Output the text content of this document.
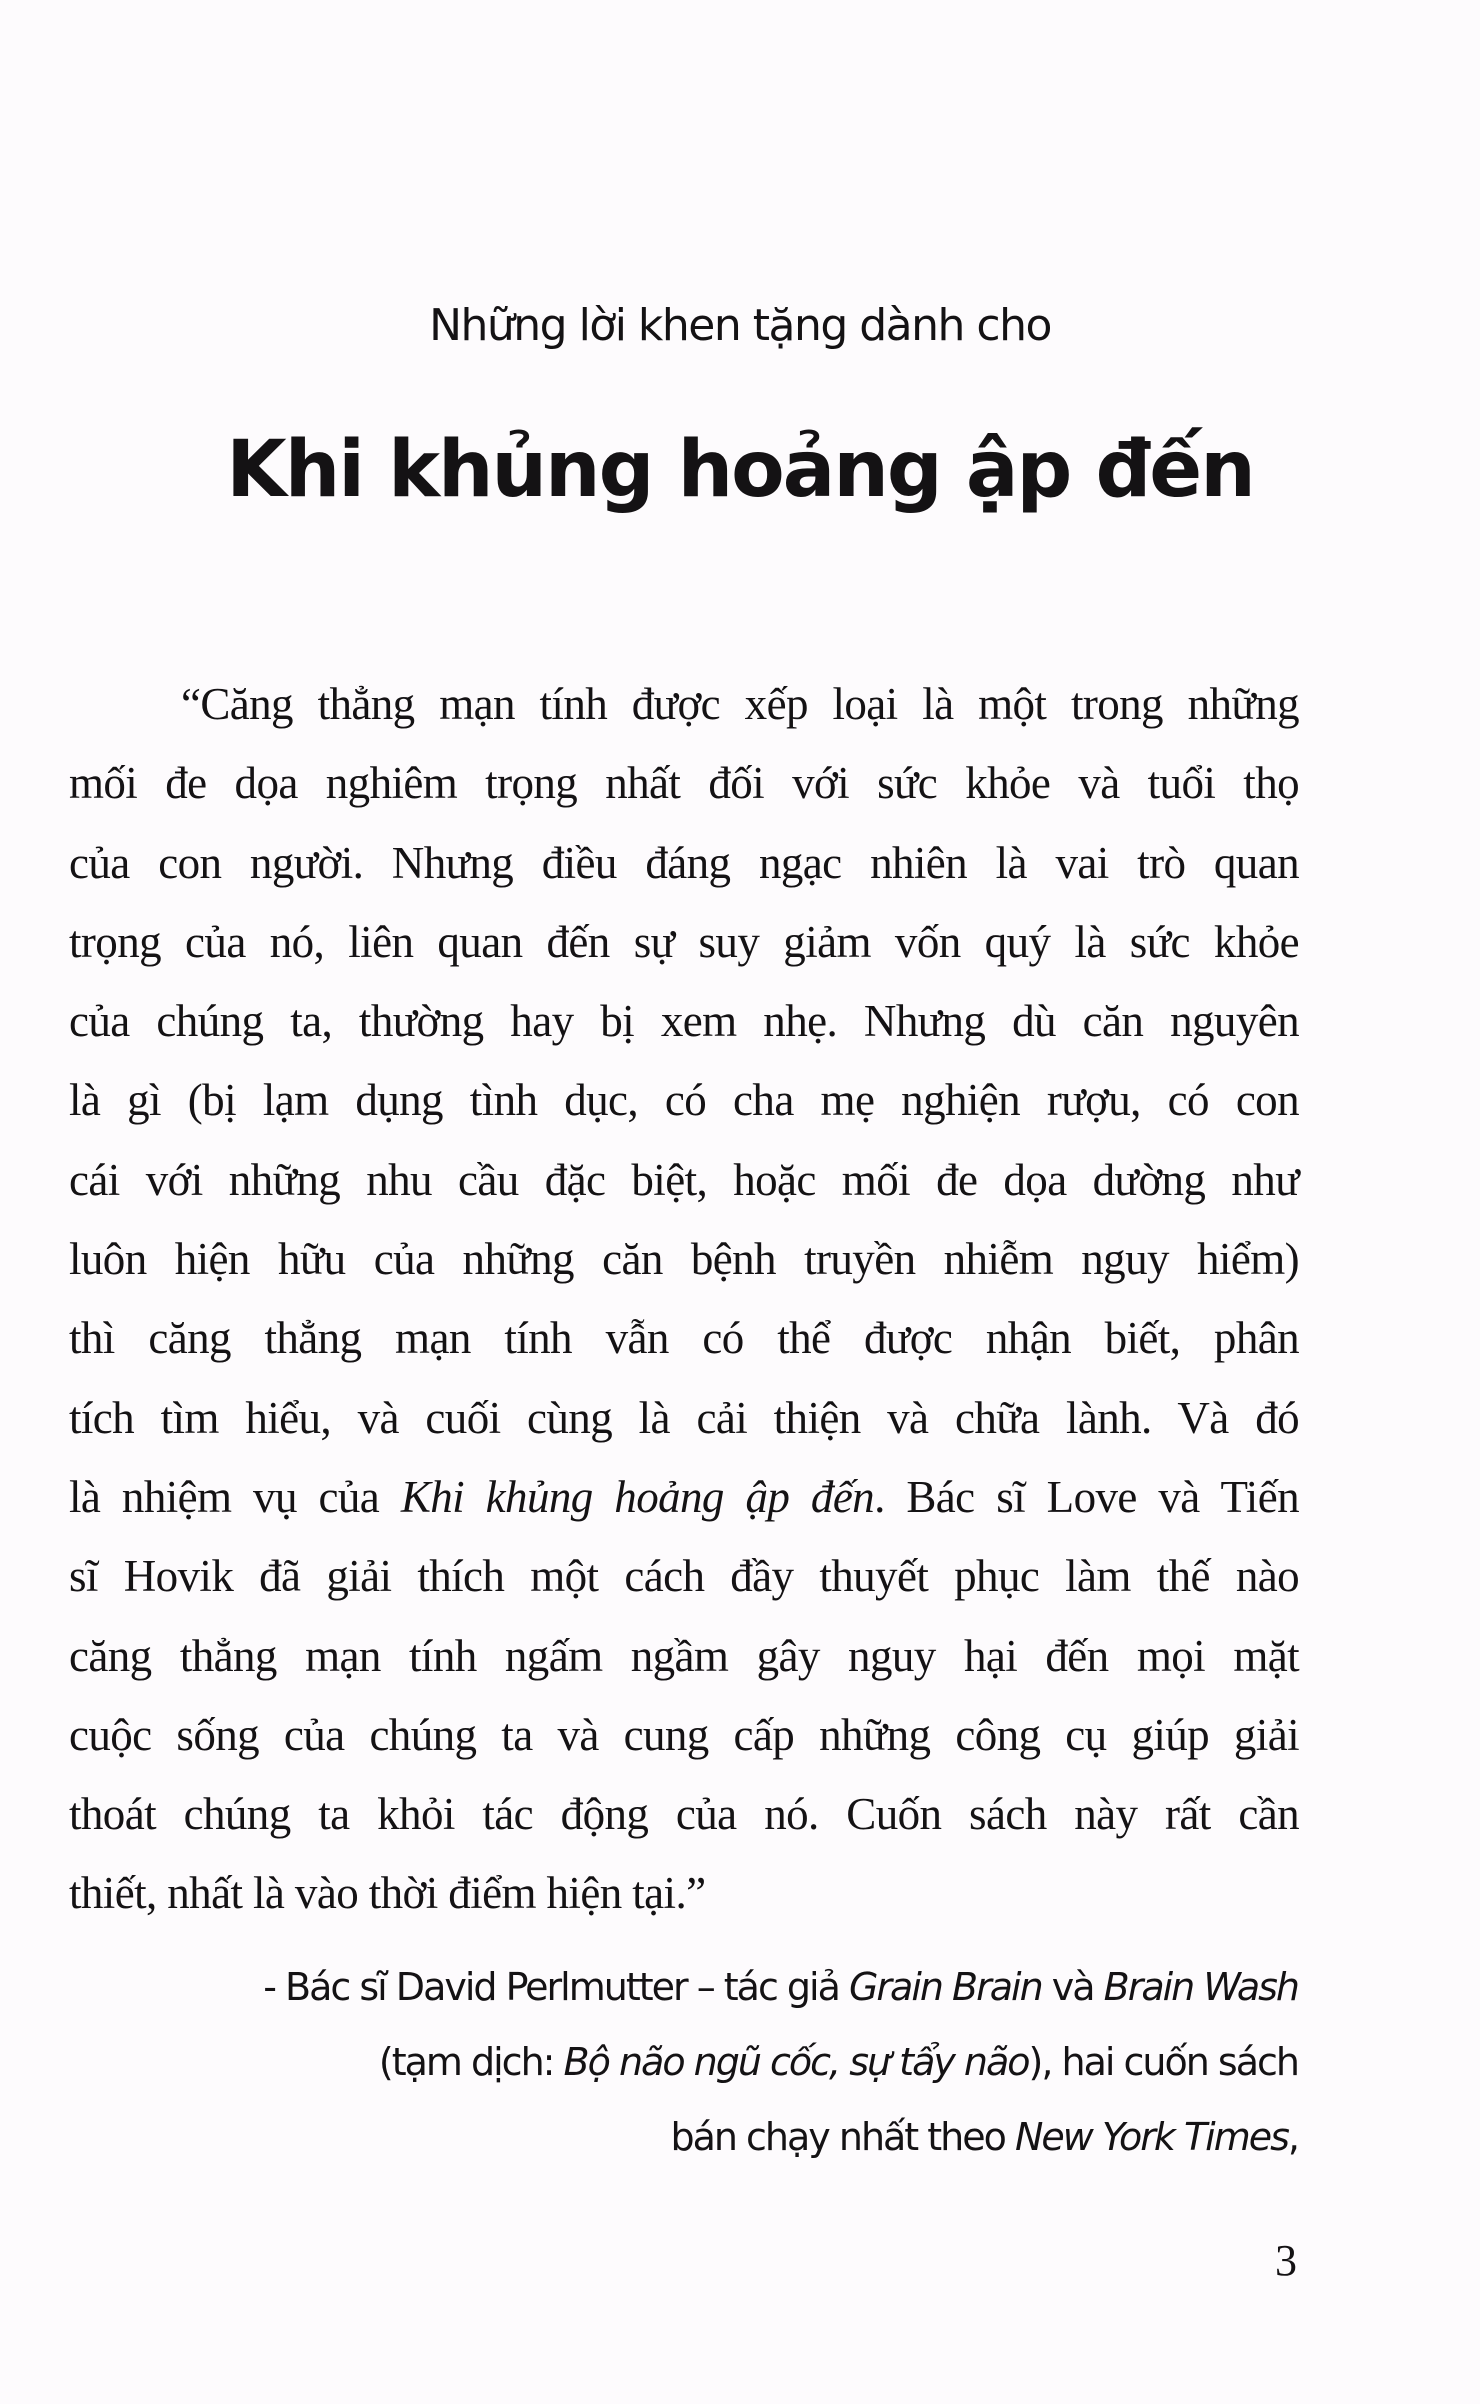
Những lời khen tặng dành cho
Khi khủng hoảng ập đến
“Căng thẳng mạn tính được xếp loại là một trong những
mối đe dọa nghiêm trọng nhất đối với sức khỏe và tuổi thọ
của con người. Nhưng điều đáng ngạc nhiên là vai trò quan
trọng của nó, liên quan đến sự suy giảm vốn quý là sức khỏe
của chúng ta, thường hay bị xem nhẹ. Nhưng dù căn nguyên
là gì (bị lạm dụng tình dục, có cha mẹ nghiện rượu, có con
cái với những nhu cầu đặc biệt, hoặc mối đe dọa dường như
luôn hiện hữu của những căn bệnh truyền nhiễm nguy hiểm)
thì căng thẳng mạn tính vẫn có thể được nhận biết, phân
tích tìm hiểu, và cuối cùng là cải thiện và chữa lành. Và đó
là nhiệm vụ của Khi khủng hoảng ập đến. Bác sĩ Love và Tiến
sĩ Hovik đã giải thích một cách đầy thuyết phục làm thế nào
căng thẳng mạn tính ngấm ngầm gây nguy hại đến mọi mặt
cuộc sống của chúng ta và cung cấp những công cụ giúp giải
thoát chúng ta khỏi tác động của nó. Cuốn sách này rất cần
thiết, nhất là vào thời điểm hiện tại.”
- Bác sĩ David Perlmutter – tác giả Grain Brain và Brain Wash
(tạm dịch: Bộ não ngũ cốc, sự tẩy não), hai cuốn sách
bán chạy nhất theo New York Times,
3
